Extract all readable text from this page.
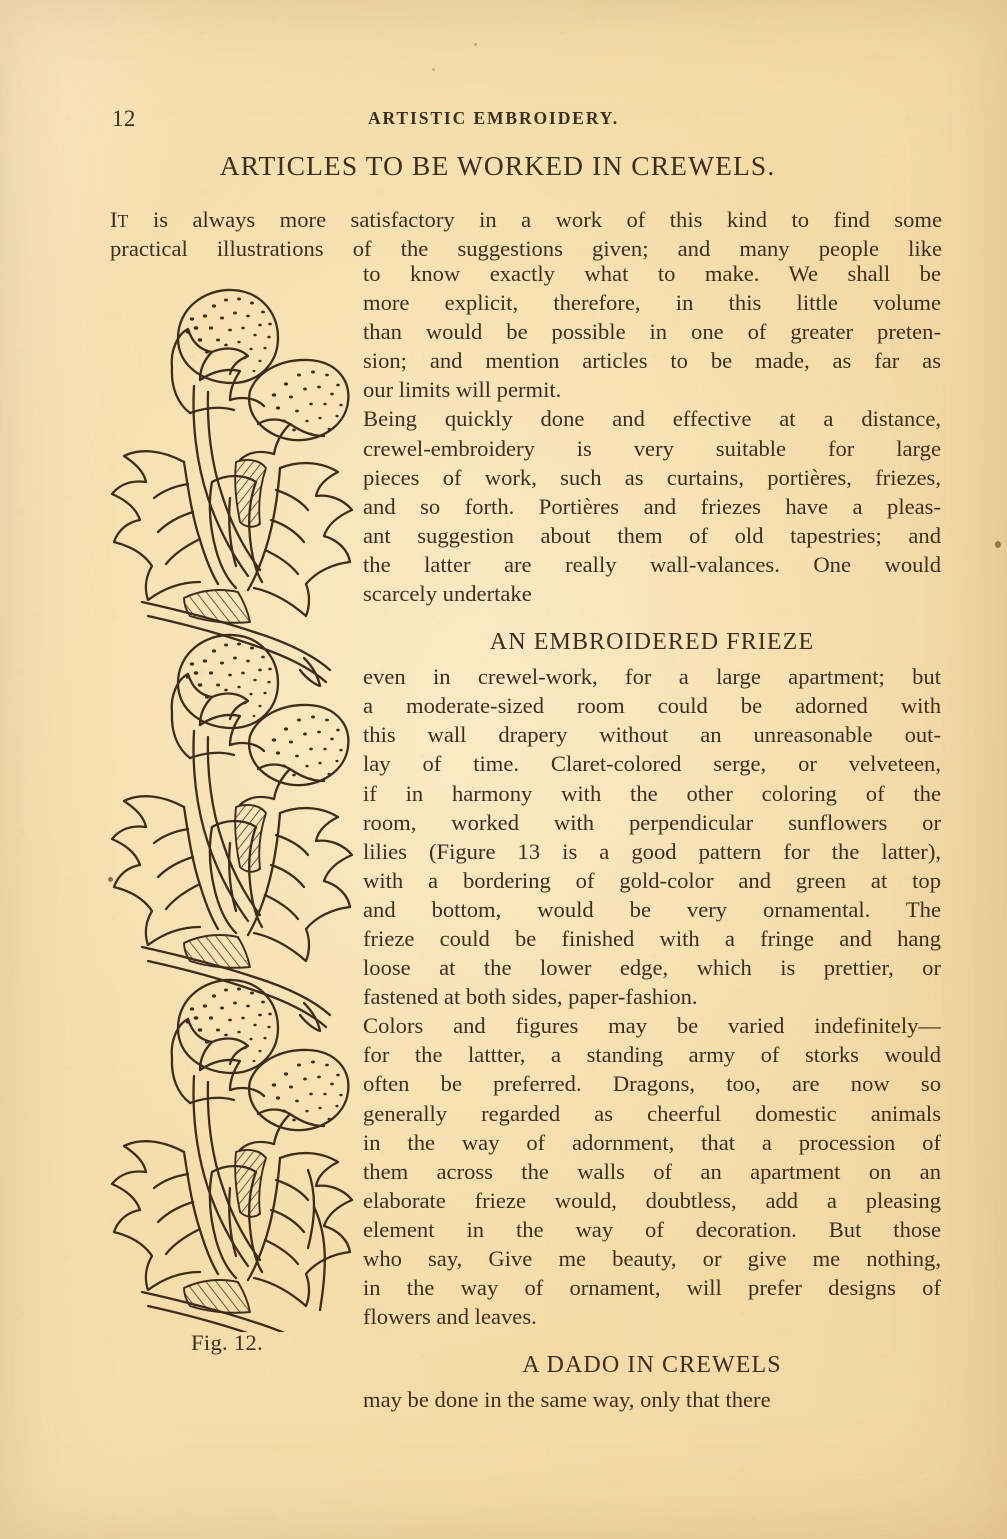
12	ARTISTIC EMBROIDERY.
ARTICLES TO BE WORKED IN CREWELS.
IT is always more satisfactory in a work of this kind to find some
practical illustrations of the suggestions given; and many people like
to know exactly what to make. We shall be
more explicit, therefore, in this little volume
than would be possible in one of greater preten-
sion; and mention articles to be made, as far as
our limits will permit.
Being quickly done and effective at a distance,
crewel-embroidery is very suitable for large
pieces of work, such as curtains, portières, friezes,
and so forth. Portières and friezes have a pleas-
ant suggestion about them of old tapestries; and
the latter are really wall-valances. One would
scarcely undertake
AN EMBROIDERED FRIEZE
even in crewel-work, for a large apartment; but
a moderate-sized room could be adorned with
this wall drapery without an unreasonable out-
lay of time. Claret-colored serge, or velveteen,
if in harmony with the other coloring of the
room, worked with perpendicular sunflowers or
lilies (Figure 13 is a good pattern for the latter),
with a bordering of gold-color and green at top
and bottom, would be very ornamental. The
frieze could be finished with a fringe and hang
loose at the lower edge, which is prettier, or
fastened at both sides, paper-fashion.
Colors and figures may be varied indefinitely—
for the lattter, a standing army of storks would
often be preferred. Dragons, too, are now so
generally regarded as cheerful domestic animals
in the way of adornment, that a procession of
them across the walls of an apartment on an
elaborate frieze would, doubtless, add a pleasing
element in the way of decoration. But those
who say, Give me beauty, or give me nothing,
in the way of ornament, will prefer designs of
flowers and leaves.
A DADO IN CREWELS
may be done in the same way, only that there
Fig. 12.
